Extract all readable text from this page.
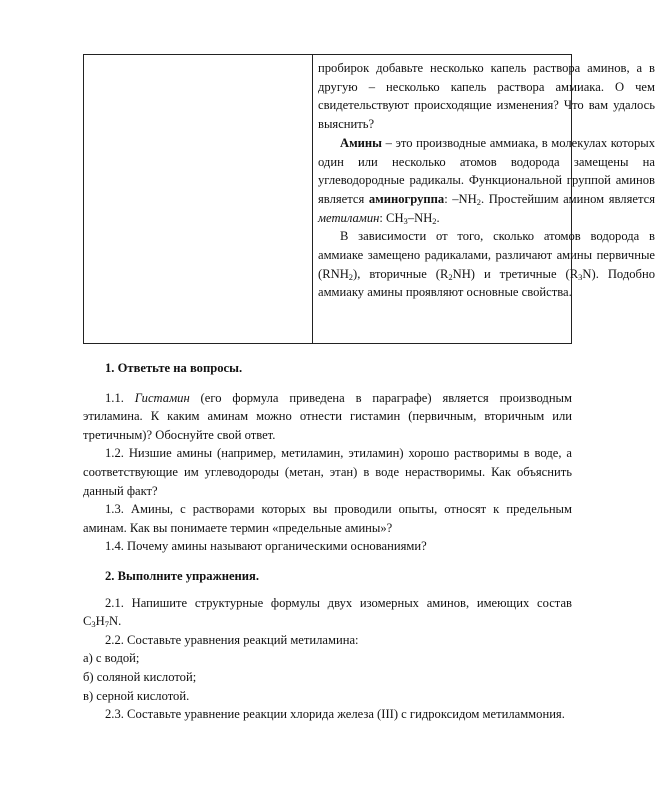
пробирок добавьте несколько капель раствора аминов, а в другую – несколько капель раствора аммиака. О чем свидетельствуют происходящие изменения? Что вам удалось выяснить?

Амины – это производные аммиака, в молекулах которых один или несколько атомов водорода замещены на углеводородные радикалы. Функциональной группой аминов является аминогруппа: $-NH_2$. Простейшим амином является метиламин: $CH_3-NH_2$.

В зависимости от того, сколько атомов водорода в аммиаке замещено радикалами, различают амины первичные $(RNH_2)$, вторичные $(R_2NH)$ и третичные $(R_3N)$. Подобно аммиаку амины проявляют основные свойства.

1. Ответьте на вопросы.

1.1. Гистамин (его формула приведена в параграфе) является производным этиламина. К каким аминам можно отнести гистамин (первичным, вторичным или третичным)? Обоснуйте свой ответ.

1.2. Низшие амины (например, метиламин, этиламин) хорошо растворимы в воде, а соответствующие им углеводороды (метан, этан) в воде нерастворимы. Как объяснить данный факт?

1.3. Амины, с растворами которых вы проводили опыты, относят к предельным аминам. Как вы понимаете термин «предельные амины»?

1.4. Почему амины называют органическими основаниями?

2. Выполните упражнения.

2.1. Напишите структурные формулы двух изомерных аминов, имеющих состав $C_3H_7N$.

2.2. Составьте уравнения реакций метиламина:

а) с водой;

б) соляной кислотой;

в) серной кислотой.

2.3. Составьте уравнение реакции хлорида железа (III) с гидроксидом метиламмония.
